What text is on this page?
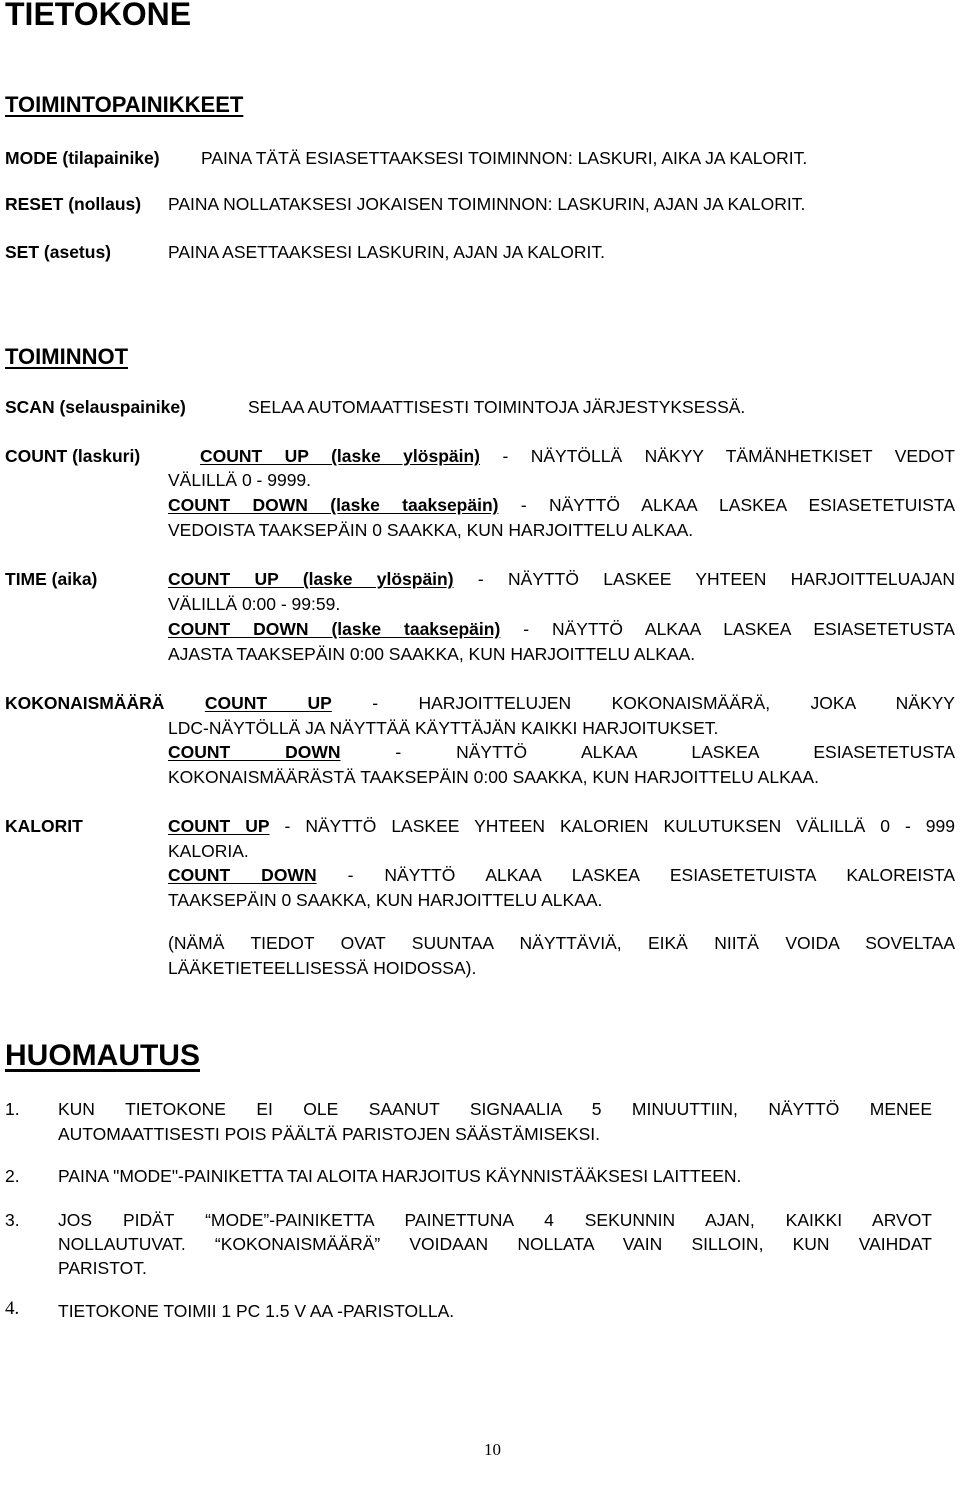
TIETOKONE
TOIMINTOPAINIKKEET
MODE (tilapainike) PAINA TÄTÄ ESIASETTAAKSESI TOIMINNON: LASKURI, AIKA JA KALORIT.
RESET (nollaus) PAINA NOLLATAKSESI JOKAISEN TOIMINNON: LASKURIN, AJAN JA KALORIT.
SET (asetus)	PAINA ASETTAAKSESI LASKURIN, AJAN JA KALORIT.
TOIMINNOT
SCAN (selauspainike)	SELAA AUTOMAATTISESTI TOIMINTOJA JÄRJESTYKSESSÄ.
COUNT (laskuri)	COUNT UP (laske ylöspäin) - NÄYTÖLLÄ NÄKYY TÄMÄNHETKISET VEDOT
VÄLILLÄ 0 - 9999.
COUNT DOWN (laske taaksepäin) - NÄYTTÖ ALKAA LASKEA ESIASETETUISTA
VEDOISTA TAAKSEPÄIN 0 SAAKKA, KUN HARJOITTELU ALKAA.
TIME (aika)	COUNT UP (laske ylöspäin) - NÄYTTÖ LASKEE YHTEEN HARJOITTELUAJAN
VÄLILLÄ 0:00 - 99:59.
COUNT DOWN (laske taaksepäin) - NÄYTTÖ ALKAA LASKEA ESIASETETUSTA
AJASTA TAAKSEPÄIN 0:00 SAAKKA, KUN HARJOITTELU ALKAA.
KOKONAISMÄÄRÄ COUNT UP - HARJOITTELUJEN KOKONAISMÄÄRÄ, JOKA NÄKYY
LDC-NÄYTÖLLÄ JA NÄYTTÄÄ KÄYTTÄJÄN KAIKKI HARJOITUKSET.
COUNT DOWN	- NÄYTTÖ ALKAA LASKEA ESIASETETUSTA
KOKONAISMÄÄRÄSTÄ TAAKSEPÄIN 0:00 SAAKKA, KUN HARJOITTELU ALKAA.
KALORIT	COUNT UP - NÄYTTÖ LASKEE YHTEEN KALORIEN KULUTUKSEN VÄLILLÄ 0 - 999
KALORIA.
COUNT DOWN - NÄYTTÖ ALKAA LASKEA ESIASETETUISTA KALOREISTA
TAAKSEPÄIN 0 SAAKKA, KUN HARJOITTELU ALKAA.
(NÄMÄ TIEDOT OVAT SUUNTAA NÄYTTÄVIÄ, EIKÄ NIITÄ VOIDA SOVELTAA
LÄÄKETIETEELLISESSÄ HOIDOSSA).
HUOMAUTUS
1. KUN TIETOKONE EI OLE SAANUT SIGNAALIA 5 MINUUTTIIN, NÄYTTÖ MENEE
AUTOMAATTISESTI POIS PÄÄLTÄ PARISTOJEN SÄÄSTÄMISEKSI.
2. PAINA "MODE"-PAINIKETTA TAI ALOITA HARJOITUS KÄYNNISTÄÄKSESI LAITTEEN.
3. JOS PIDÄT “MODE”-PAINIKETTA PAINETTUNA 4 SEKUNNIN AJAN, KAIKKI ARVOT
NOLLAUTUVAT. “KOKONAISMÄÄRÄ” VOIDAAN NOLLATA VAIN SILLOIN, KUN VAIHDAT
PARISTOT.
4. TIETOKONE TOIMII 1 PC 1.5 V AA -PARISTOLLA.
10
